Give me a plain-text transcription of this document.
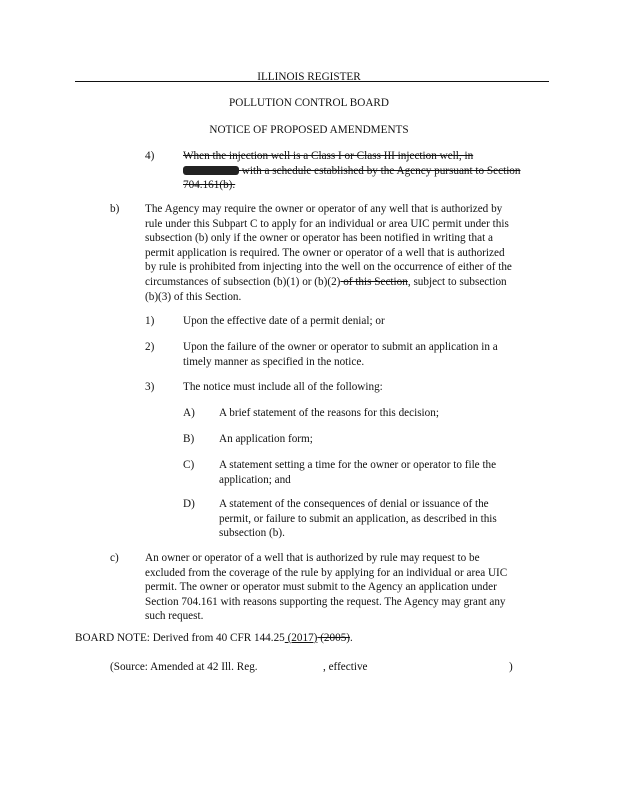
ILLINOIS REGISTER
POLLUTION CONTROL BOARD
NOTICE OF PROPOSED AMENDMENTS
4)	When the injection well is a Class I or Class III injection well, in
with a schedule established by the Agency pursuant to Section
704.161(b).
b) The Agency may require the owner or operator of any well that is authorized by
rule under this Subpart C to apply for an individual or area UIC permit under this
subsection (b) only if the owner or operator has been notified in writing that a
permit application is required. The owner or operator of a well that is authorized
by rule is prohibited from injecting into the well on the occurrence of either of the
circumstances of subsection (b)(1) or (b)(2) of this Section, subject to subsection
(b)(3) of this Section.
1)	Upon the effective date of a permit denial; or
2)	Upon the failure of the owner or operator to submit an application in a
timely manner as specified in the notice.
3)	The notice must include all of the following:
A) A brief statement of the reasons for this decision;
B) An application form;
C) A statement setting a time for the owner or operator to file the
application; and
D) A statement of the consequences of denial or issuance of the
permit, or failure to submit an application, as described in this
subsection (b).
c) An owner or operator of a well that is authorized by rule may request to be
excluded from the coverage of the rule by applying for an individual or area UIC
permit. The owner or operator must submit to the Agency an application under
Section 704.161 with reasons supporting the request. The Agency may grant any
such request.
BOARD NOTE: Derived from 40 CFR 144.25 (2017) (2005).
(Source: Amended at 42 Ill. Reg.	, effective	)
